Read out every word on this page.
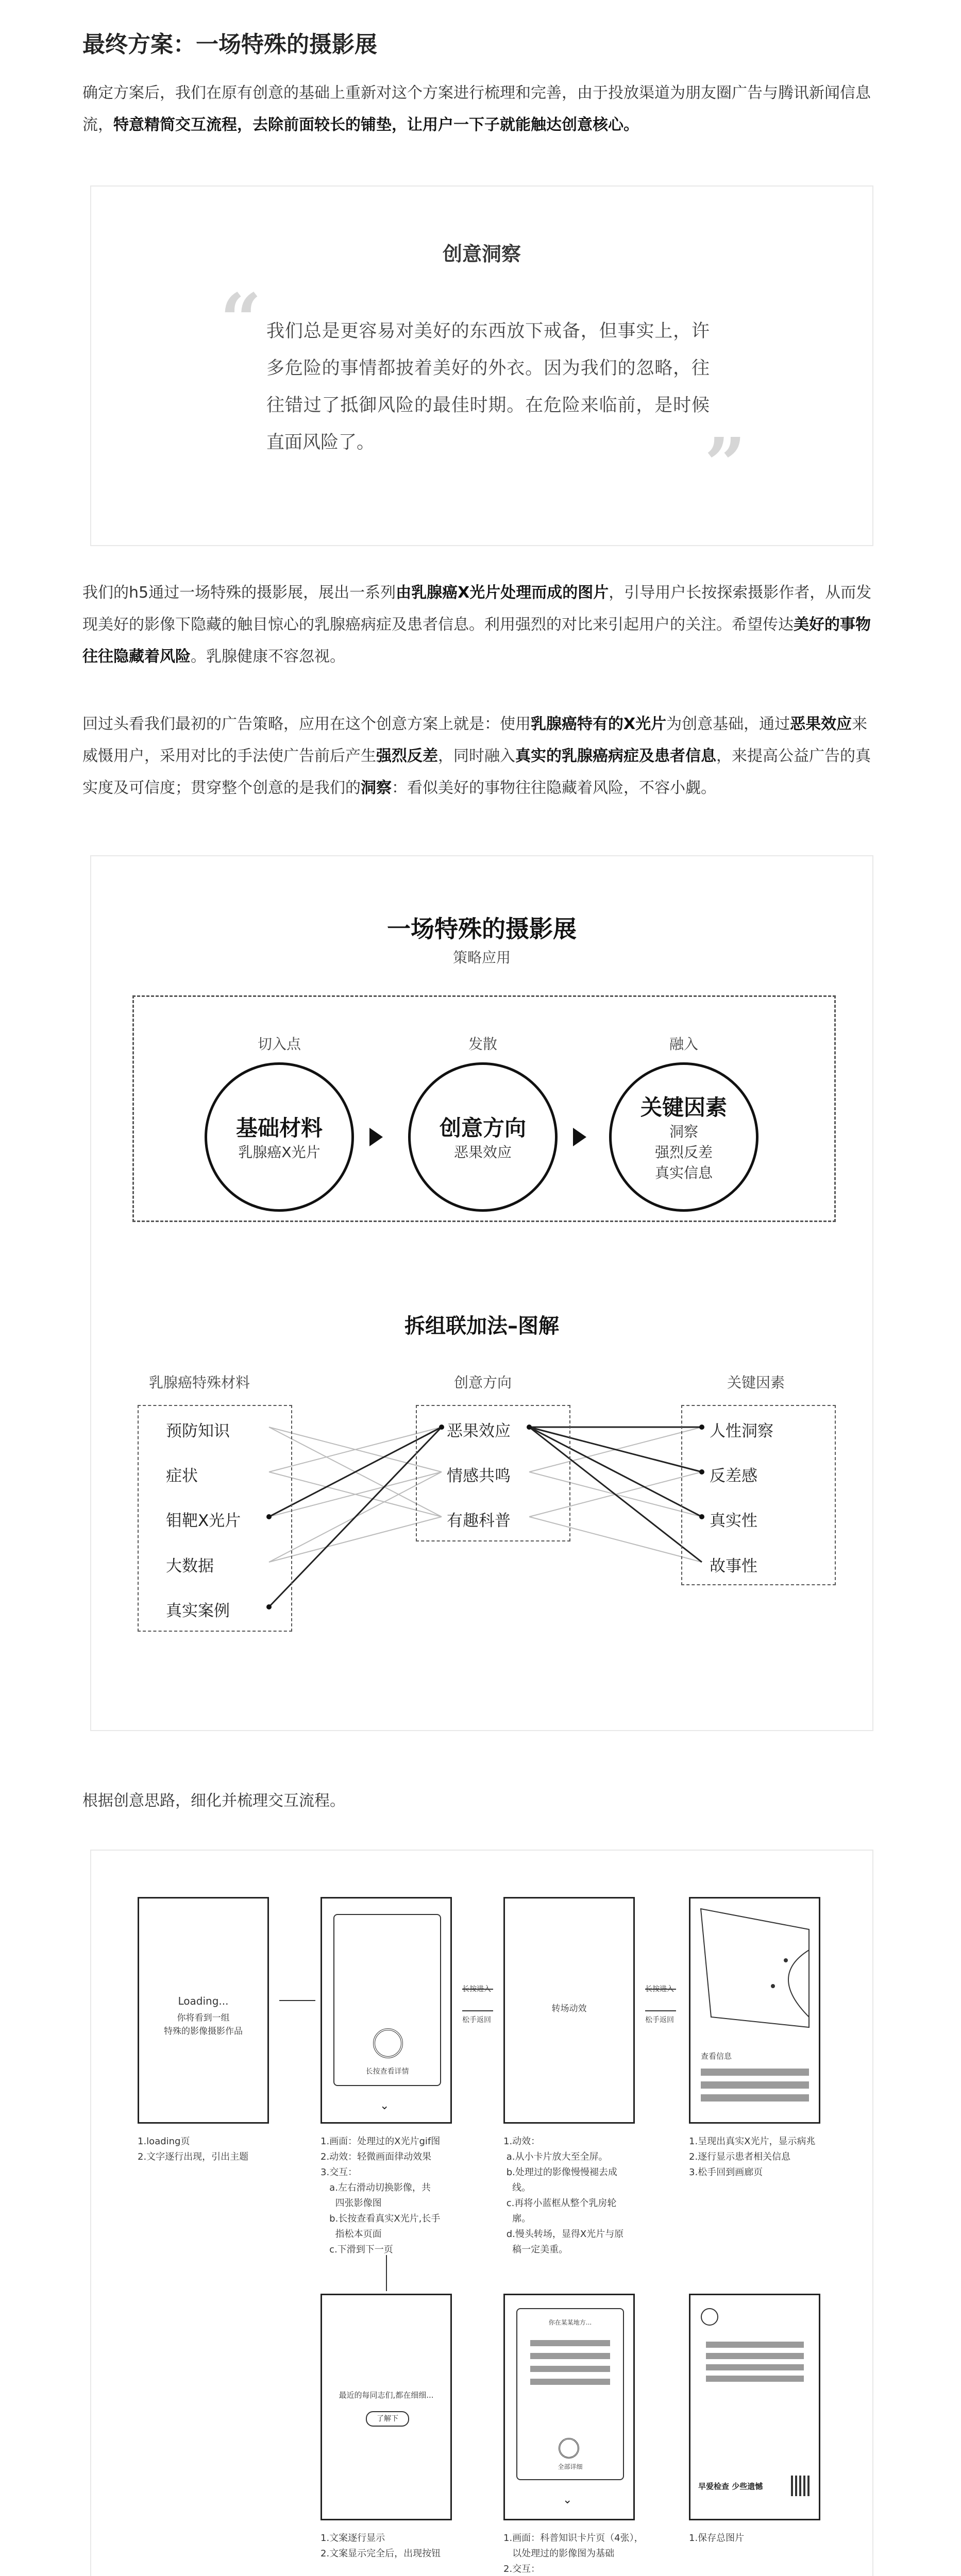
最终方案：一场特殊的摄影展

确定方案后，我们在原有创意的基础上重新对这个方案进行梳理和完善，由于投放渠道为朋友圈广告与腾讯新闻信息流，特意精简交互流程，去除前面较长的铺垫，让用户一下子就能触达创意核心。

创意洞察
“ 我们总是更容易对美好的东西放下戒备，但事实上，许多危险的事情都披着美好的外衣。因为我们的忽略，往往错过了抵御风险的最佳时期。在危险来临前，是时候直面风险了。	”

我们的h5通过一场特殊的摄影展，展出一系列由乳腺癌X光片处理而成的图片，引导用户长按探索摄影作者，从而发现美好的影像下隐藏的触目惊心的乳腺癌病症及患者信息。利用强烈的对比来引起用户的关注。希望传达美好的事物往往隐藏着风险。乳腺健康不容忽视。

回过头看我们最初的广告策略，应用在这个创意方案上就是：使用乳腺癌特有的X光片为创意基础，通过恶果效应来威慑用户，采用对比的手法使广告前后产生强烈反差，同时融入真实的乳腺癌病症及患者信息，来提高公益广告的真实度及可信度；贯穿整个创意的是我们的洞察：看似美好的事物往往隐藏着风险，不容小觑。

一场特殊的摄影展
策略应用
切入点	发散	融入
基础材料
乳腺癌X光片
创意方向
恶果效应
关键因素
洞察
强烈反差
真实信息
拆组联加法–图解
乳腺癌特殊材料	创意方向	关键因素
预防知识
症状
钼靶X光片
大数据
真实案例
恶果效应
情感共鸣
有趣科普
人性洞察
反差感
真实性
故事性

根据创意思路，细化并梳理交互流程。

Loading...
你将看到一组
特殊的影像摄影作品
长按查看详情
⌄
转场动效
长按进入
松手返回
长按进入
松手返回
查看信息
1.loading页
2.文字逐行出现，引出主题
1.画面：处理过的X光片gif图
2.动效：轻微画面律动效果
3.交互：
a.左右滑动切换影像，共
四张影像图
b.长按查看真实X光片,长手
指松本页面
c.下滑到下一页
1.动效：
a.从小卡片放大至全屏。
b.处理过的影像慢慢褪去成
线。
c.再将小蓝框从整个乳房轮
廓。
d.慢头转场，显得X光片与原
稿一定美重。
1.呈现出真实X光片，显示病兆
2.逐行显示患者相关信息
3.松手回到画廊页
最近的每同志们,都在细细...
了解下
你在某某地方...
全部详细
⌄
早爱检查 少些遗憾
1.文案逐行显示
2.文案显示完全后，出现按钮
1.画面：科普知识卡片页（4张），
以处理过的影像图为基础
2.交互：

1.保存总图片
